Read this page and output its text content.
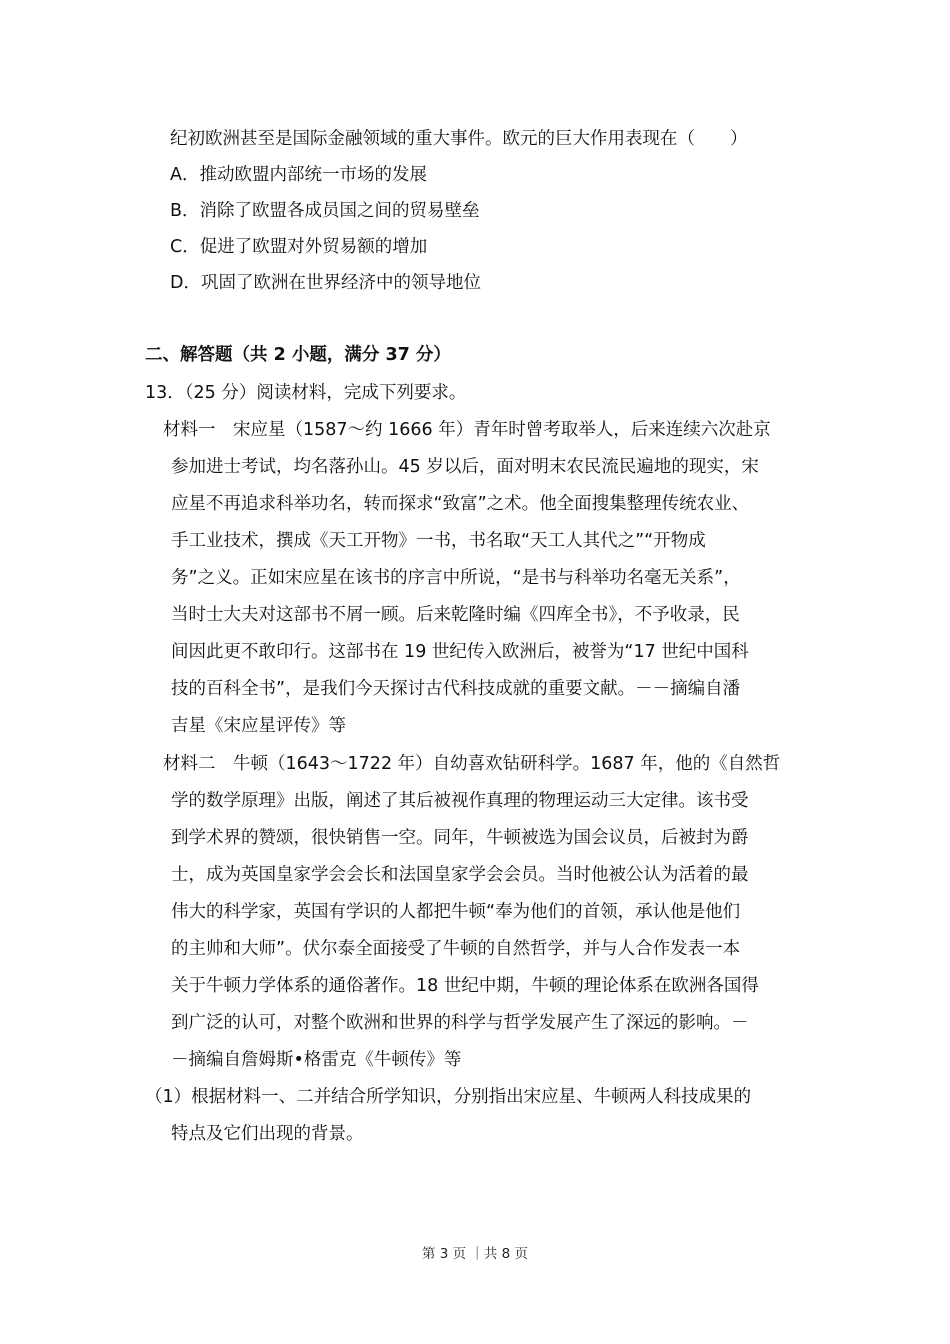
纪初欧洲甚至是国际金融领域的重大事件。欧元的巨大作用表现在（　　）
A．推动欧盟内部统一市场的发展
B．消除了欧盟各成员国之间的贸易壁垒
C．促进了欧盟对外贸易额的增加
D．巩固了欧洲在世界经济中的领导地位
二、解答题（共 2 小题，满分 37 分）
13．（25 分）阅读材料，完成下列要求。
材料一　宋应星（1587～约 1666 年）青年时曾考取举人，后来连续六次赴京
参加进士考试，均名落孙山。45 岁以后，面对明末农民流民遍地的现实，宋
应星不再追求科举功名，转而探求“致富”之术。他全面搜集整理传统农业、
手工业技术，撰成《天工开物》一书，书名取“天工人其代之”“开物成
务”之义。正如宋应星在该书的序言中所说，“是书与科举功名毫无关系”，
当时士大夫对这部书不屑一顾。后来乾隆时编《四库全书》，不予收录，民
间因此更不敢印行。这部书在 19 世纪传入欧洲后，被誉为“17 世纪中国科
技的百科全书”，是我们今天探讨古代科技成就的重要文献。－－摘编自潘
吉星《宋应星评传》等
材料二　牛顿（1643～1722 年）自幼喜欢钻研科学。1687 年，他的《自然哲
学的数学原理》出版，阐述了其后被视作真理的物理运动三大定律。该书受
到学术界的赞颂，很快销售一空。同年，牛顿被选为国会议员，后被封为爵
士，成为英国皇家学会会长和法国皇家学会会员。当时他被公认为活着的最
伟大的科学家，英国有学识的人都把牛顿“奉为他们的首领，承认他是他们
的主帅和大师”。伏尔泰全面接受了牛顿的自然哲学，并与人合作发表一本
关于牛顿力学体系的通俗著作。18 世纪中期，牛顿的理论体系在欧洲各国得
到广泛的认可，对整个欧洲和世界的科学与哲学发展产生了深远的影响。－
－摘编自詹姆斯•格雷克《牛顿传》等
（1）根据材料一、二并结合所学知识，分别指出宋应星、牛顿两人科技成果的
特点及它们出现的背景。
第 3 页 ｜共 8 页
